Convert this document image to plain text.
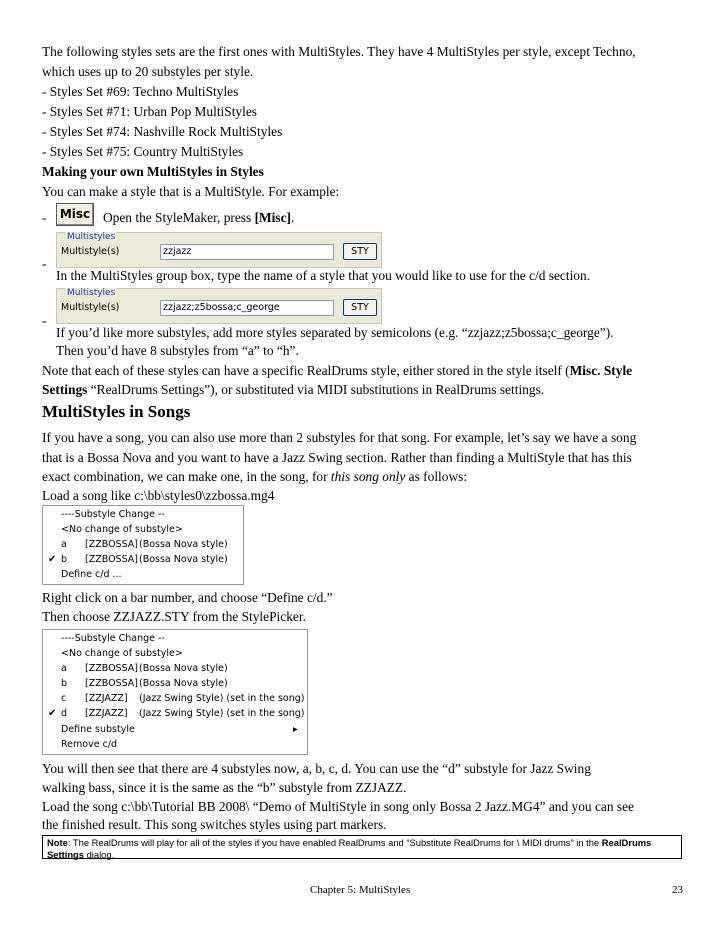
The following styles sets are the first ones with MultiStyles. They have 4 MultiStyles per style, except Techno,
which uses up to 20 substyles per style.
- Styles Set #69: Techno MultiStyles
- Styles Set #71: Urban Pop MultiStyles
- Styles Set #74: Nashville Rock MultiStyles
- Styles Set #75: Country MultiStyles
Making your own MultiStyles in Styles
You can make a style that is a MultiStyle. For example:
-	Misc Open the StyleMaker, press [Misc].
Multistyles
Multistyle(s)	zzjazz	STY
-
In the MultiStyles group box, type the name of a style that you would like to use for the c/d section.
Multistyles
Multistyle(s)	zzjazz;z5bossa;c_george	STY
-
If you’d like more substyles, add more styles separated by semicolons (e.g. “zzjazz;z5bossa;c_george”).
Then you’d have 8 substyles from “a” to “h”.
Note that each of these styles can have a specific RealDrums style, either stored in the style itself (Misc. Style
Settings “RealDrums Settings”), or substituted via MIDI substitutions in RealDrums settings.
MultiStyles in Songs
If you have a song, you can also use more than 2 substyles for that song. For example, let’s say we have a song
that is a Bossa Nova and you want to have a Jazz Swing section. Rather than finding a MultiStyle that has this
exact combination, we can make one, in the song, for this song only as follows:
Load a song like c:\bb\styles0\zzbossa.mg4
----Substyle Change --
<No change of substyle>
a [ZZBOSSA] (Bossa Nova style)
✔ b [ZZBOSSA] (Bossa Nova style)
Define c/d ...
Right click on a bar number, and choose “Define c/d.”
Then choose ZZJAZZ.STY from the StylePicker.
----Substyle Change --
<No change of substyle>
a [ZZBOSSA] (Bossa Nova style)
b [ZZBOSSA] (Bossa Nova style)
c [ZZJAZZ] (Jazz Swing Style) (set in the song)
✔ d [ZZJAZZ] (Jazz Swing Style) (set in the song)
Define substyle	▸
Remove c/d
You will then see that there are 4 substyles now, a, b, c, d. You can use the “d” substyle for Jazz Swing
walking bass, since it is the same as the “b” substyle from ZZJAZZ.
Load the song c:\bb\Tutorial BB 2008\ “Demo of MultiStyle in song only Bossa 2 Jazz.MG4” and you can see
the finished result. This song switches styles using part markers.
Note: The RealDrums will play for all of the styles if you have enabled RealDrums and “Substitute RealDrums for \ MIDI drums” in the RealDrums
Settings dialog.
Chapter 5: MultiStyles	23
